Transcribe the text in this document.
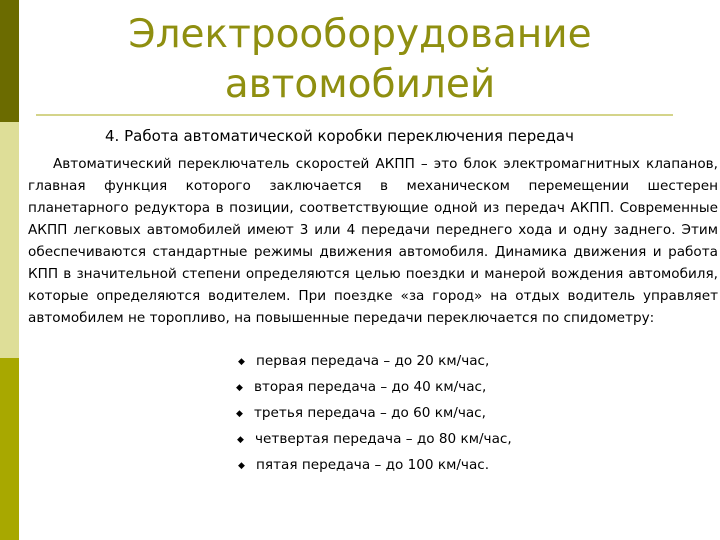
Электрооборудование автомобилей
4. Работа автоматической коробки переключения передач

Автоматический переключатель скоростей АКПП – это блок электромагнитных клапанов, главная функция которого заключается в механическом перемещении шестерен планетарного редуктора в позиции, соответствующие одной из передач АКПП. Современные АКПП легковых автомобилей имеют 3 или 4 передачи переднего хода и одну заднего. Этим обеспечиваются стандартные режимы движения автомобиля. Динамика движения и работа КПП в значительной степени определяются целью поездки и манерой вождения автомобиля, которые определяются водителем. При поездке «за город» на отдых водитель управляет автомобилем не торопливо, на повышенные передачи переключается по спидометру:

◆ первая передача – до 20 км/час,
◆ вторая передача – до 40 км/час,
◆ третья передача – до 60 км/час,
◆ четвертая передача – до 80 км/час,
◆ пятая передача – до 100 км/час.
